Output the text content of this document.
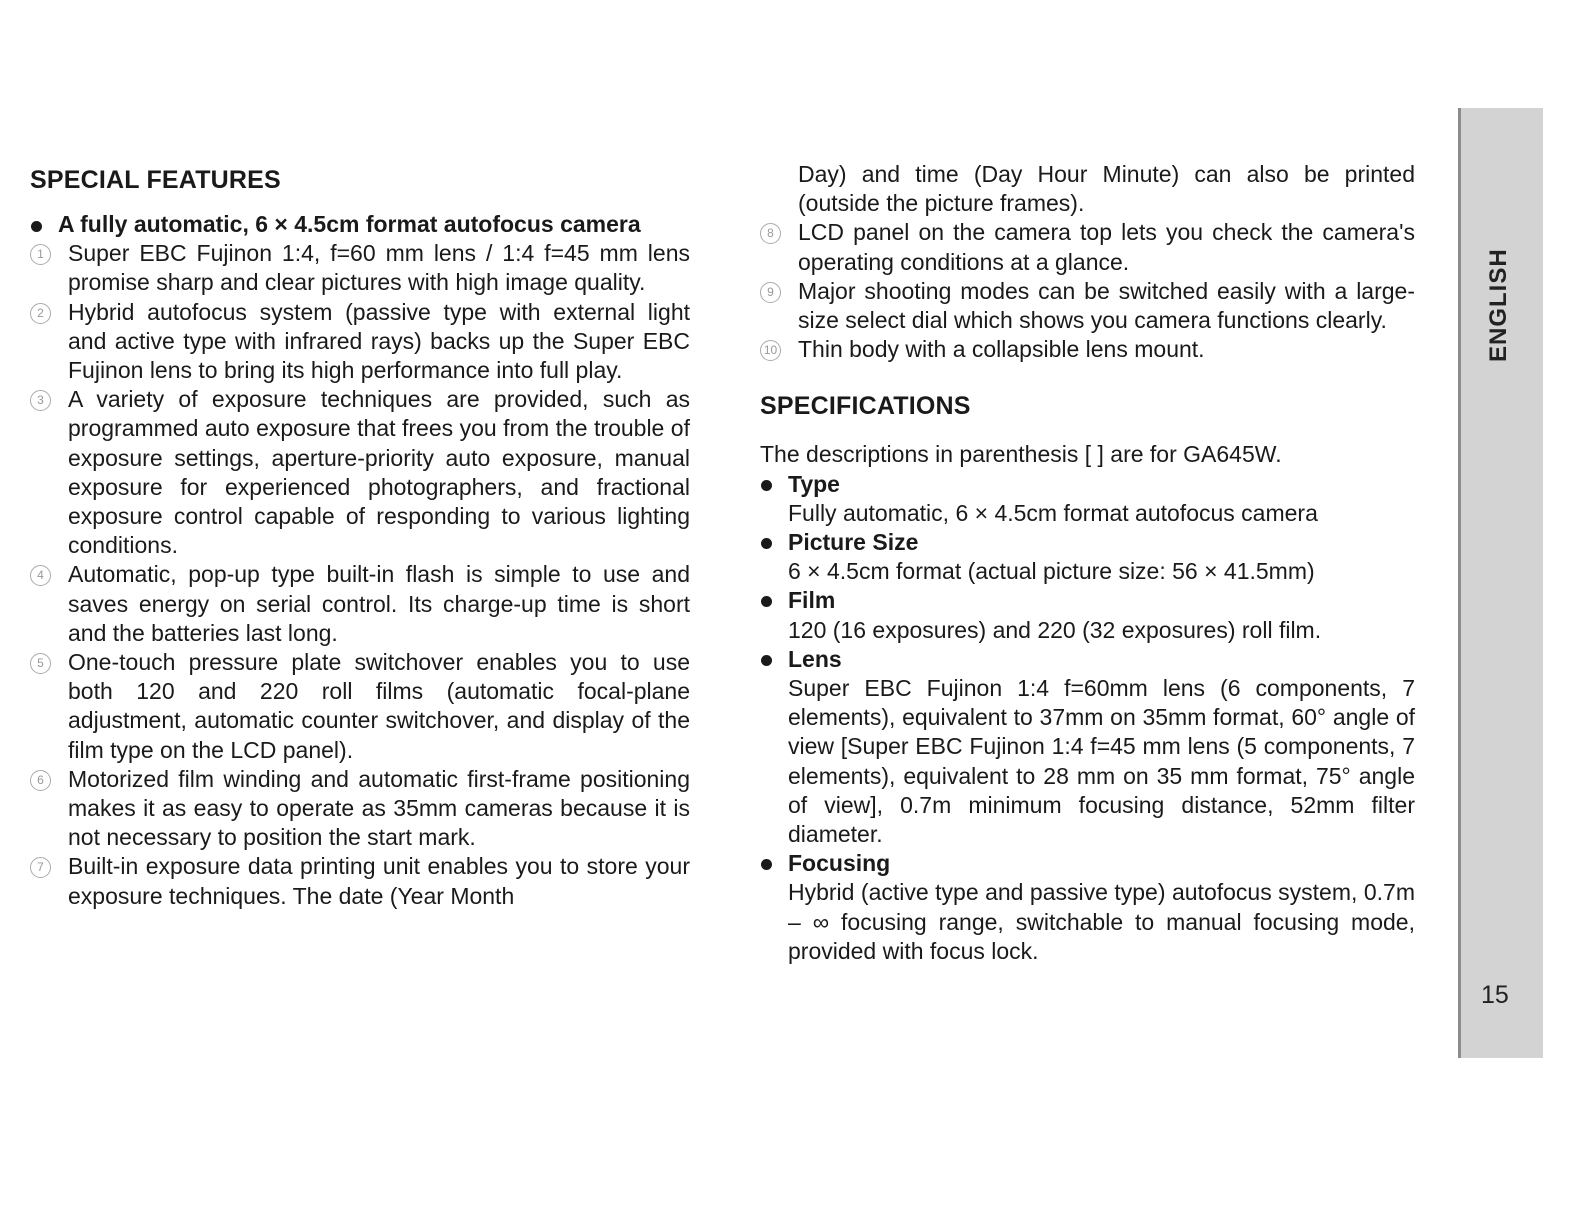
SPECIAL FEATURES
A fully automatic, 6 × 4.5cm format autofocus camera
1	Super EBC Fujinon 1:4, f=60 mm lens / 1:4 f=45 mm lens promise sharp and clear pictures with high image quality.
2	Hybrid autofocus system (passive type with external light and active type with infrared rays) backs up the Super EBC Fujinon lens to bring its high performance into full play.
3	A variety of exposure techniques are provided, such as programmed auto exposure that frees you from the trouble of exposure settings, aperture-priority auto exposure, manual exposure for experienced photographers, and fractional exposure control capable of responding to various lighting conditions.
4	Automatic, pop-up type built-in flash is simple to use and saves energy on serial control. Its charge-up time is short and the batteries last long.
5	One-touch pressure plate switchover enables you to use both 120 and 220 roll films (automatic focal-plane adjustment, automatic counter switchover, and display of the film type on the LCD panel).
6	Motorized film winding and automatic first-frame positioning makes it as easy to operate as 35mm cameras because it is not necessary to position the start mark.
7	Built-in exposure data printing unit enables you to store your exposure techniques. The date (Year Month
Day) and time (Day Hour Minute) can also be printed (outside the picture frames).
8	LCD panel on the camera top lets you check the camera's operating conditions at a glance.
9	Major shooting modes can be switched easily with a large-size select dial which shows you camera functions clearly.
10 Thin body with a collapsible lens mount.
SPECIFICATIONS

The descriptions in parenthesis [ ] are for GA645W.

Type
Fully automatic, 6 × 4.5cm format autofocus camera
Picture Size
6 × 4.5cm format (actual picture size: 56 × 41.5mm)
Film
120 (16 exposures) and 220 (32 exposures) roll film.
Lens
Super EBC Fujinon 1:4 f=60mm lens (6 components, 7 elements), equivalent to 37mm on 35mm format, 60° angle of view [Super EBC Fujinon 1:4 f=45 mm lens (5 components, 7 elements), equivalent to 28 mm on 35 mm format, 75° angle of view], 0.7m minimum focusing distance, 52mm filter diameter.
Focusing
Hybrid (active type and passive type) autofocus system, 0.7m – ∞ focusing range, switchable to manual focusing mode, provided with focus lock.
ENGLISH
15
